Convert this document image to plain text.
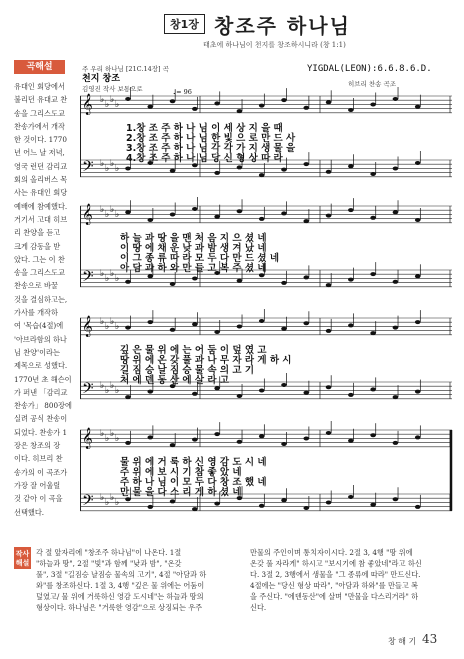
창1장 창조주 하나님
태초에 하나님이 천지를 창조하시니라 (창 1:1)
곡해설	주 우리 하나님 [21C.14장] 곡
천지 창조
김영진 작사 보통으로	♩= 96
YIGDAL(LEON):6.6.8.6.D.
히브리 찬송 곡조
유대인 회당에서
불리던 유대교 찬
송을 그리스도교
찬송가에서 개작
한 것이다. 1770
년 어느 날 저녁,
영국 런던 감리교
회의 올리버스 목
사는 유대인 회당
예배에 참예했다.
거기서 고대 히브
리 찬양을 듣고
크게 감동을 받
았다. 그는 이 찬
송을 그리스도교
찬송으로 바꿀
것을 결심하고는,
가사를 개작하
여 '목습(4절)에
'아브라함의 하나
님 찬양'이라는
제목으로 성했다.
1770년 초 해슨이
가 퍼낸 「감리교
찬송가」 800장에
실려 공식 찬송이
되었다. 찬송가 1
장은 창조의 장
이다. 히브리 찬
송가의 이 곡조가
가장 잘 어울릴
것 같아 이 곡을
선택했다.
𝄞 ♭ ♭ ♭ ♭
𝄢 ♭ ♭ ♭ ♭
𝄞 ♭ ♭ ♭ ♭
𝄢 ♭ ♭ ♭ ♭
𝄞 ♭ ♭ ♭ ♭
𝄢 ♭ ♭ ♭ ♭
𝄞 ♭ ♭ ♭ ♭
𝄢 ♭ ♭ ♭ ♭
1.창 조 주 하 나 님 이 세 상 지 을 때
2.창 조 주 하 나 님 한 빛 으 로 만 드 사
3.창 조 주 하 나 님 각 각 가 지 생 물 을
4.창 조 주 하 나 님 당 신 형 상 따 라
하 늘 과 땅 을 맨 처 음 지 으 셨 네
이 땅 에 채 운 낮 과 밤 생 겨 났 네
이 그 종 류 따 라 모 두 다 만 드 셨 네
아 담 과 하 와 만 들 고 복 주 셨 네
깊 은 물 위 에 는 어 둠 이 덮 였 고
땅 위 에 온 갖 풀 과 나 무 자 라 게 하 시
길 짐 승 날 짐 승 물 속 의 고 기
처 에 덴 동 산 에 살 라 고
물 위 에 거 룩 하 신 영 감 도 시 네
주 위 에 보 시 기 참 좋 았 네
주 하 나 님 이 모 두 다 창 조 했 네
만 물 을 다 스 리 게 하 셨 네
작사
해설
각 절 앞자리에 "창조주 하나님"이 나온다. 1절
"하늘과 땅", 2절 "빛"과 함께 "낮과 밤", "온갖
풀", 3절 "길짐승 날짐승 물속의 고기", 4절 "아담과 하
와"를 창조하신다. 1절 3, 4행 "깊은 물 위에는 어둠이
덮였고/ 물 위에 거룩하신 영감 도시네"는 하늘과 땅의
형상이다. 하나님은 "거룩한 영감"으로 상징되는 우주
만물의 주인이며 통치자이시다. 2절 3, 4행 "땅 위에
온갖 풀 자라게" 하시고 "보시기에 참 좋았네"라고 하신
다. 3절 2, 3행에서 생물을 "그 종류에 따라" 만드신다.
4절에는 "당신 형상 따라", "아담과 하와"를 만들고 복
을 주신다. "에덴동산"에 살며 "만물을 다스리거라" 하
신다.
창 해 기 43
